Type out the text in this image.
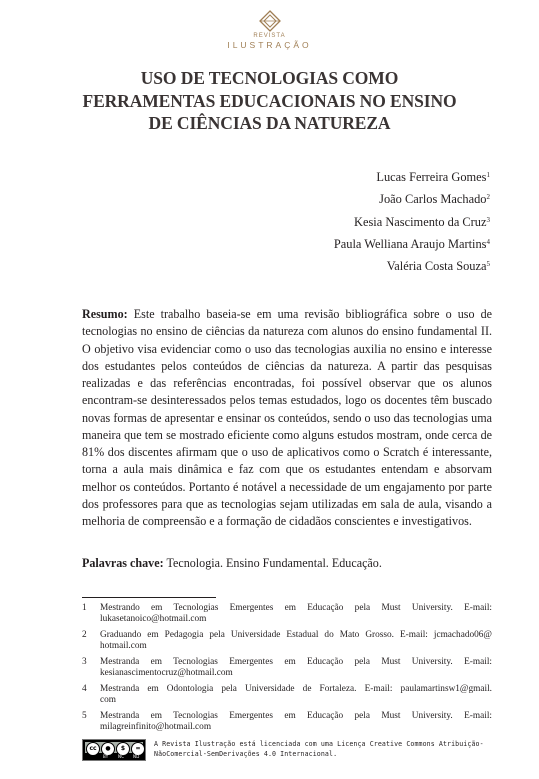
REVISTA
ILUSTRAÇÃO
USO DE TECNOLOGIAS COMO
FERRAMENTAS EDUCACIONAIS NO ENSINO
DE CIÊNCIAS DA NATUREZA
Lucas Ferreira Gomes$^1$
João Carlos Machado$^2$
Kesia Nascimento da Cruz$^3$
Paula Welliana Araujo Martins$^4$
Valéria Costa Souza$^5$
Resumo: Este trabalho baseia-se em uma revisão bibliográfica sobre o uso de tecnologias no ensino de ciências da natureza com alunos do ensino fundamental II. O objetivo visa evidenciar como o uso das tecnologias auxilia no ensino e interesse dos estudantes pelos conteúdos de ciências da natureza. A partir das pesquisas realizadas e das referências encontradas, foi possível observar que os alunos encontram-se desinteressados pelos temas estudados, logo os docentes têm buscado novas formas de apresentar e ensinar os conteúdos, sendo o uso das tecnologias uma maneira que tem se mostrado eficiente como alguns estudos mostram, onde cerca de 81% dos discentes afirmam que o uso de aplicativos como o Scratch é interessante, torna a aula mais dinâmica e faz com que os estudantes entendam e absorvam melhor os conteúdos. Portanto é notável a necessidade de um engajamento por parte dos professores para que as tecnologias sejam utilizadas em sala de aula, visando a melhoria de compreensão e a formação de cidadãos conscientes e investigativos.
Palavras chave: Tecnologia. Ensino Fundamental. Educação.
1	Mestrando em Tecnologias Emergentes em Educação pela Must University. E-mail:
lukasetanoico@hotmail.com
2	Graduando em Pedagogia pela Universidade Estadual do Mato Grosso. E-mail: jcmachado06@
hotmail.com
3	Mestranda em Tecnologias Emergentes em Educação pela Must University. E-mail:
kesianascimentocruz@hotmail.com
4	Mestranda em Odontologia pela Universidade de Fortaleza. E-mail: paulamartinsw1@gmail.
com
5	Mestranda em Tecnologias Emergentes em Educação pela Must University. E-mail:
milagreinfinito@hotmail.com
cc	●	$	=
BY NC ND
A Revista Ilustração está licenciada com uma Licença Creative Commons Atribuição-
NãoComercial-SemDerivações 4.0 Internacional.
